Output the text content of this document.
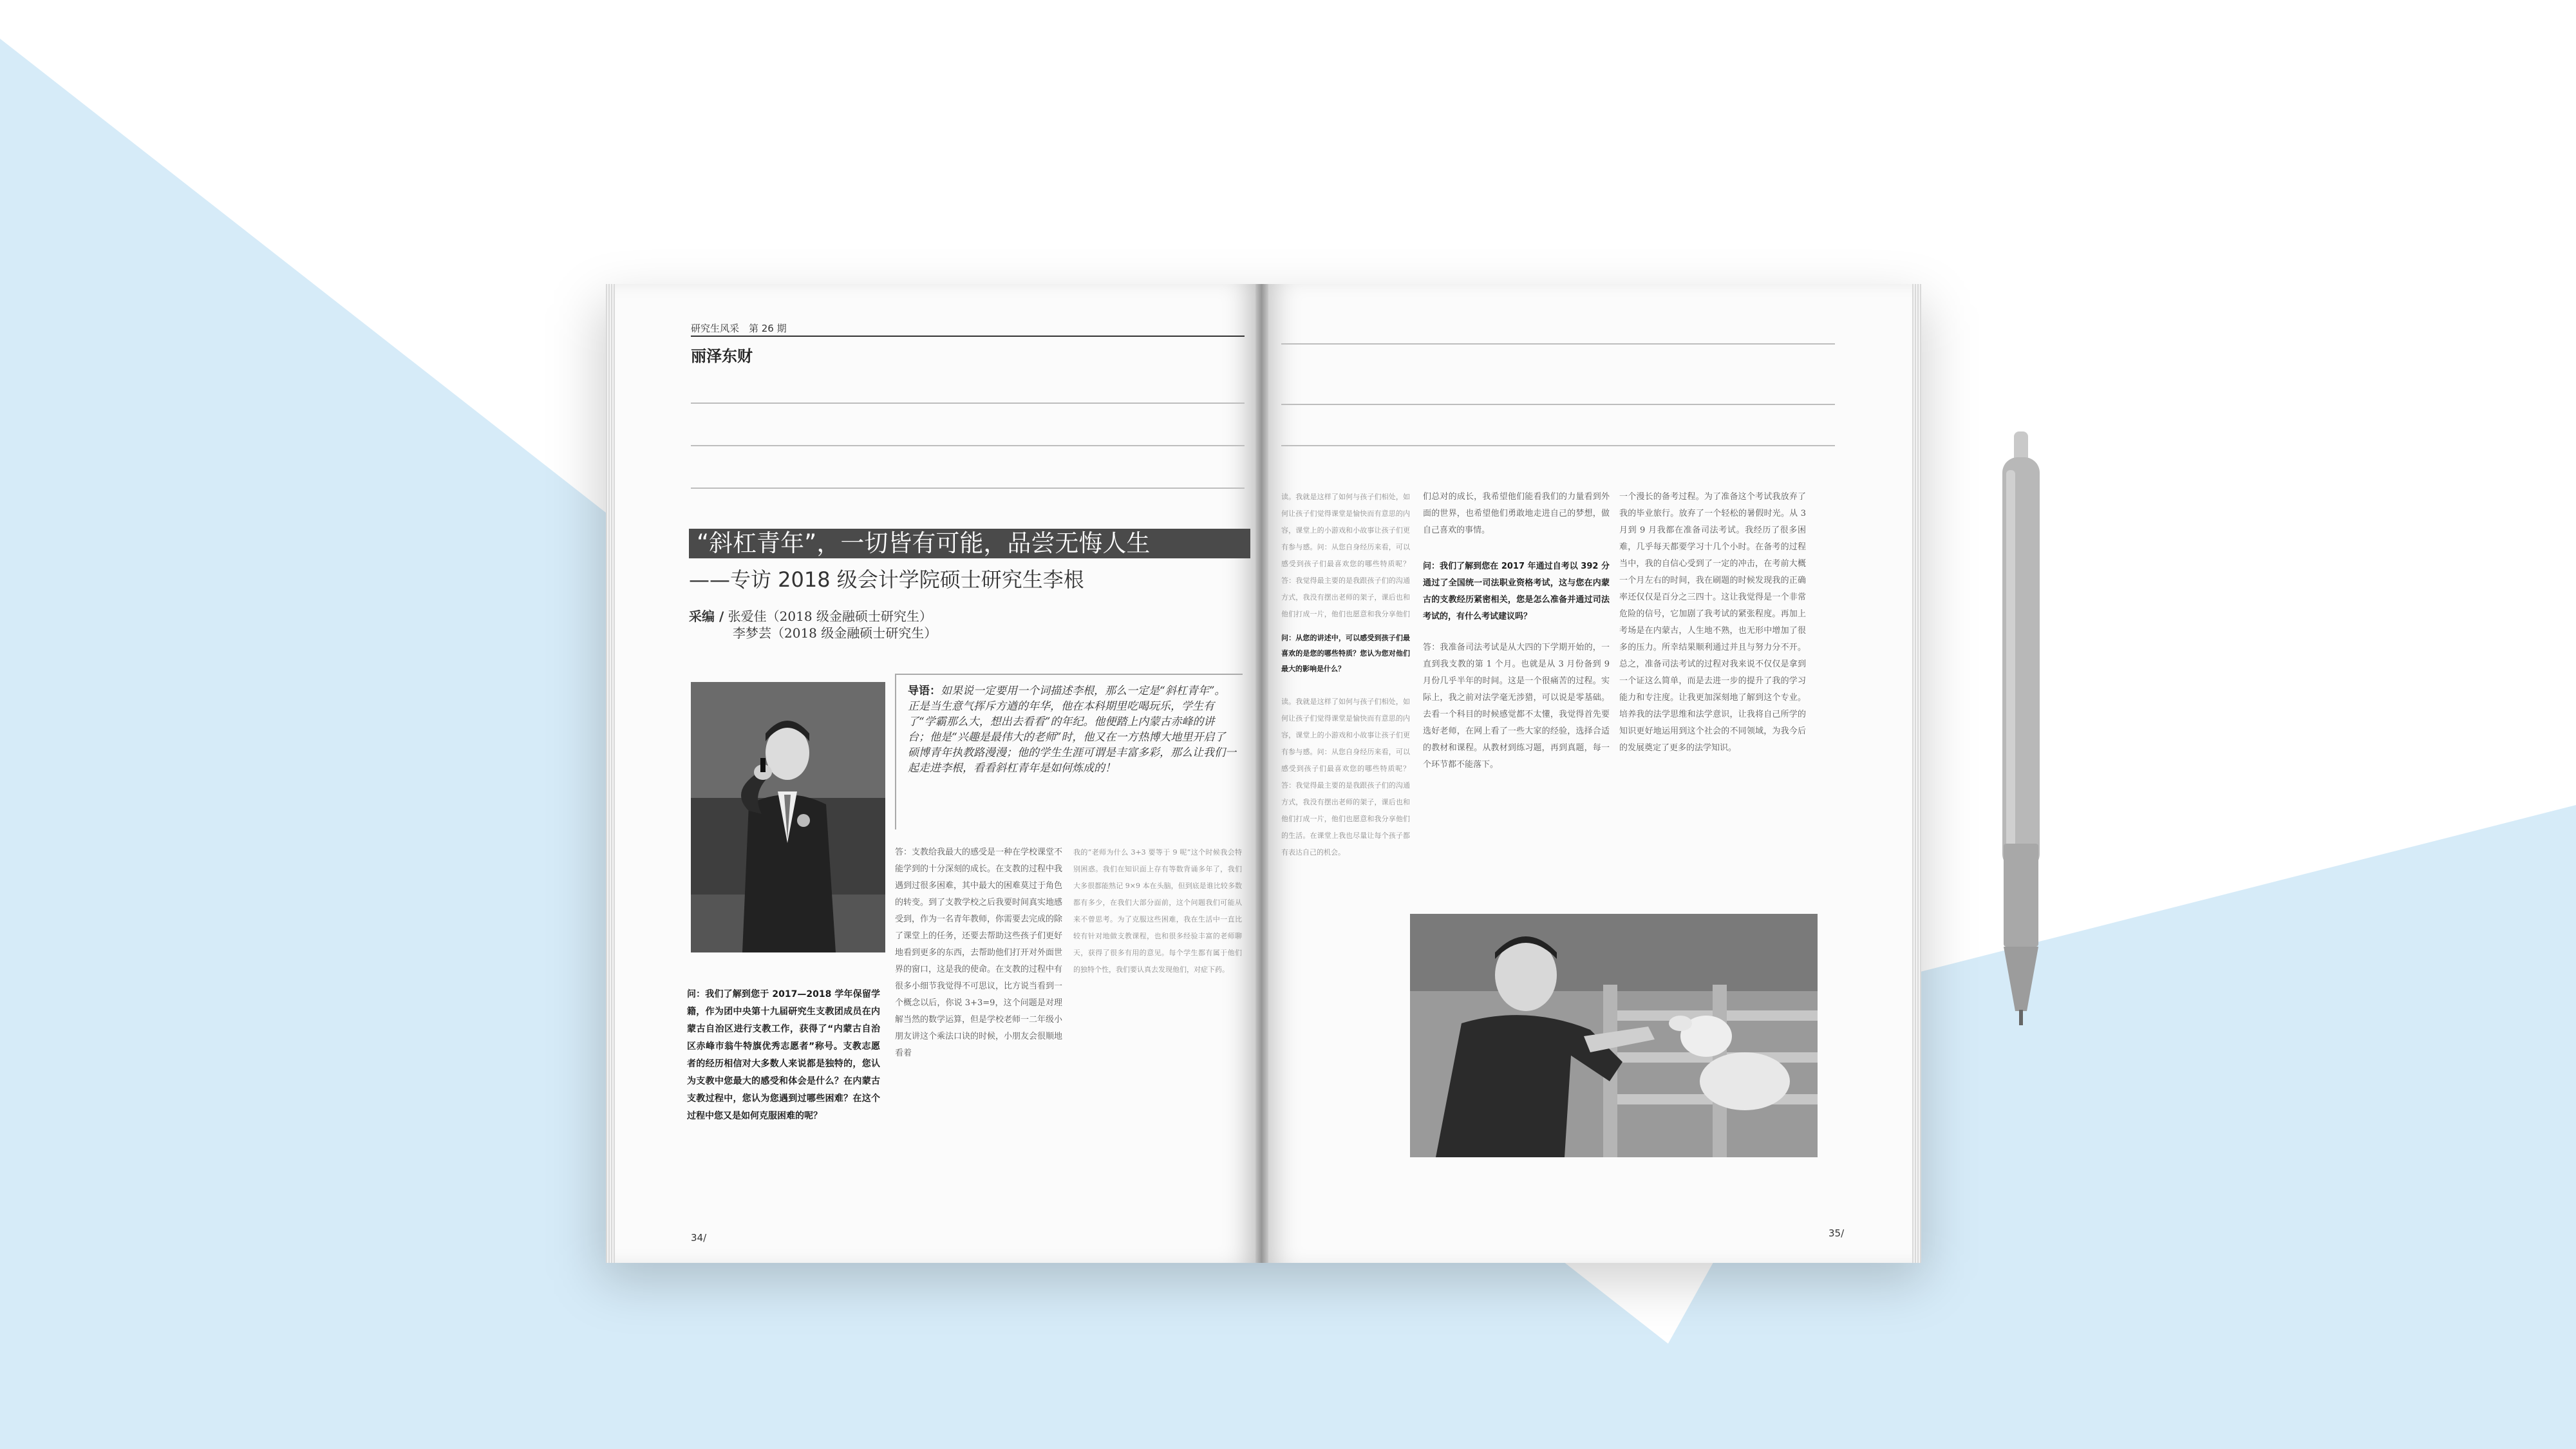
研究生风采　第 26 期
丽泽东财
“斜杠青年”，一切皆有可能，品尝无悔人生
——专访 2018 级会计学院硕士研究生李根
采编 / 张爱佳（2018 级金融硕士研究生）
李梦芸（2018 级金融硕士研究生）
导语：如果说一定要用一个词描述李根，那么一定是“斜杠青年”。正是当生意气挥斥方遒的年华，他在本科期里吃喝玩乐，学生有了“学霸那么大，想出去看看”的年纪。他便踏上内蒙古赤峰的讲台；他是“兴趣是最伟大的老师”时，他又在一方热博大地里开启了硕博青年执教路漫漫；他的学生生涯可谓是丰富多彩，那么让我们一起走进李根，看看斜杠青年是如何炼成的！
问：我们了解到您于 2017—2018 学年保留学籍，作为团中央第十九届研究生支教团成员在内蒙古自治区进行支教工作，获得了“内蒙古自治区赤峰市翁牛特旗优秀志愿者”称号。支教志愿者的经历相信对大多数人来说都是独特的，您认为支教中您最大的感受和体会是什么？在内蒙古支教过程中，您认为您遇到过哪些困难？在这个过程中您又是如何克服困难的呢？
答：支教给我最大的感受是一种在学校课堂不能学到的十分深刻的成长。在支教的过程中我遇到过很多困难，其中最大的困难莫过于角色的转变。到了支教学校之后我要时间真实地感受到，作为一名青年教师，你需要去完成的除了课堂上的任务，还要去帮助这些孩子们更好地看到更多的东西，去帮助他们打开对外面世界的窗口，这是我的使命。在支教的过程中有很多小细节我觉得不可思议，比方说当看到一个概念以后，你说 3+3=9，这个问题是对理解当然的数学运算，但是学校老师一二年级小朋友讲这个乘法口诀的时候，小朋友会很顺地看着
我的“老师为什么 3+3 要等于 9 呢”这个时候我会特别困惑。我们在知识面上存有等数背诵多年了，我们大多很都能熟记 9×9 本在头脑，但到底是谁比较多数都有多少，在我们大部分面前，这个问题我们可能从来不曾思考。为了克服这些困难，我在生活中一直比较有针对地做支教课程，也和很多经验丰富的老师聊天，获得了很多有用的意见。每个学生都有属于他们的独特个性，我们要认真去发现他们，对症下药。
34/
读。我就是这样了如何与孩子们相处，如何让孩子们觉得课堂是愉快而有意思的内容，课堂上的小游戏和小故事让孩子们更有参与感。问：从您自身经历来看，可以感受到孩子们最喜欢您的哪些特质呢？答：我觉得最主要的是我跟孩子们的沟通方式，我没有摆出老师的架子，课后也和他们打成一片，他们也愿意和我分享他们
问：从您的讲述中，可以感受到孩子们最喜欢的是您的哪些特质？您认为您对他们最大的影响是什么？
读。我就是这样了如何与孩子们相处，如何让孩子们觉得课堂是愉快而有意思的内容，课堂上的小游戏和小故事让孩子们更有参与感。问：从您自身经历来看，可以感受到孩子们最喜欢您的哪些特质呢？答：我觉得最主要的是我跟孩子们的沟通方式，我没有摆出老师的架子，课后也和他们打成一片，他们也愿意和我分享他们的生活。在课堂上我也尽量让每个孩子都有表达自己的机会。
们总对的成长，我希望他们能看我们的力量看到外面的世界，也希望他们勇敢地走进自己的梦想，做自己喜欢的事情。
问：我们了解到您在 2017 年通过自考以 392 分通过了全国统一司法职业资格考试，这与您在内蒙古的支教经历紧密相关，您是怎么准备并通过司法考试的，有什么考试建议吗？
答：我准备司法考试是从大四的下学期开始的，一直到我支教的第 1 个月。也就是从 3 月份备到 9 月份几乎半年的时间。这是一个很痛苦的过程。实际上，我之前对法学毫无涉猎，可以说是零基础。去看一个科目的时候感觉都不太懂，我觉得首先要选好老师，在网上看了一些大家的经验，选择合适的教材和课程。从教材到练习题，再到真题，每一个环节都不能落下。
一个漫长的备考过程。为了准备这个考试我放弃了我的毕业旅行。放弃了一个轻松的暑假时光。从 3 月到 9 月我都在准备司法考试。我经历了很多困难，几乎每天都要学习十几个小时。在备考的过程当中，我的自信心受到了一定的冲击，在考前大概一个月左右的时间，我在刷题的时候发现我的正确率还仅仅是百分之三四十。这让我觉得是一个非常危险的信号，它加剧了我考试的紧张程度。再加上考场是在内蒙古，人生地不熟，也无形中增加了很多的压力。所幸结果顺利通过并且与努力分不开。总之，准备司法考试的过程对我来说不仅仅是拿到一个证这么简单，而是去进一步的提升了我的学习能力和专注度。让我更加深刻地了解到这个专业。培养我的法学思维和法学意识，让我将自己所学的知识更好地运用到这个社会的不同领域，为我今后的发展奠定了更多的法学知识。
35/
